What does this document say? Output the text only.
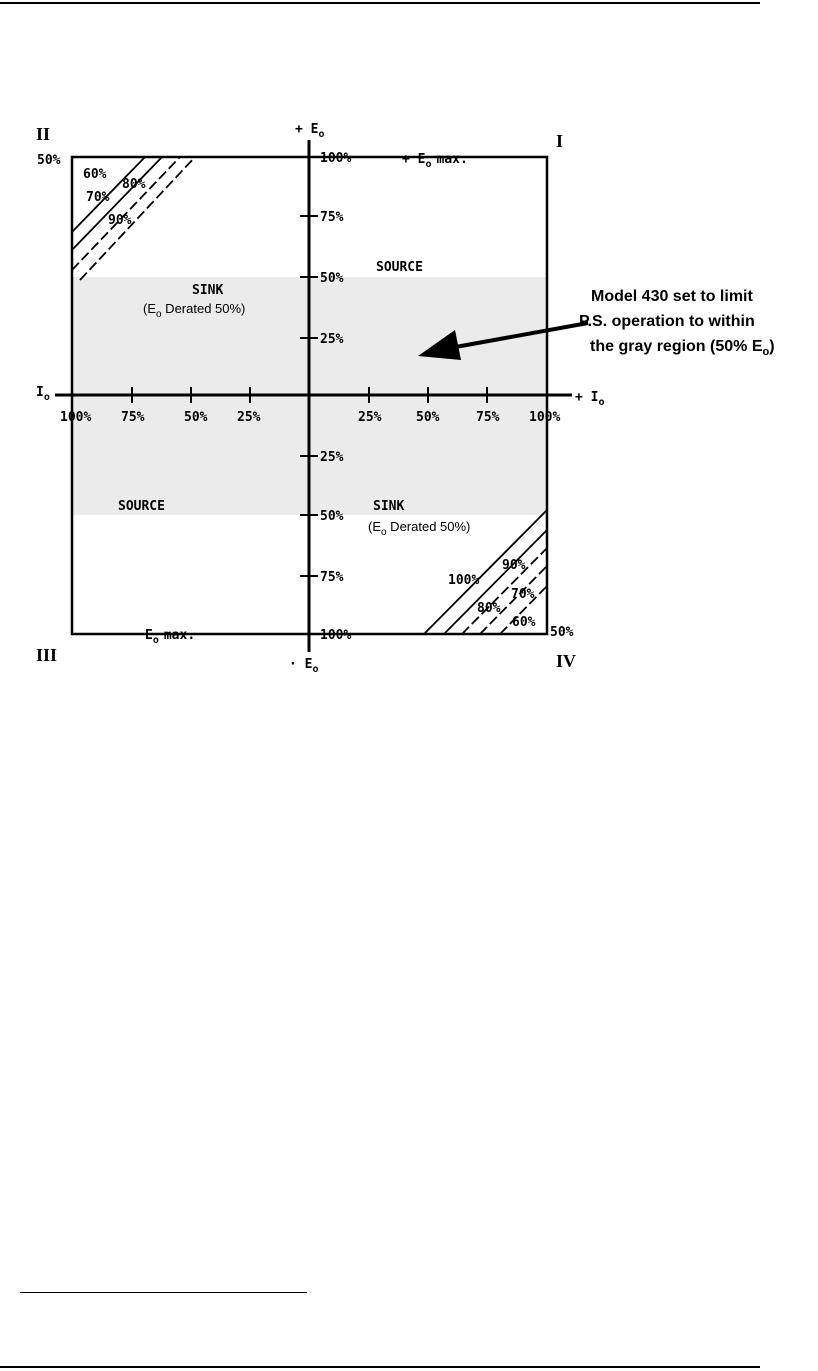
II	I
III	IV
50%
50%
+ $E_o$
· $E_o$
+ $I_o$
$I_o$
+ $E_o$ max.
$E_o$ max.
100%
75%
50%
25%
25%
50%
75%
100%
100% 75%	50% 25%	25%	50%	75% 100%
60%
70%
80%
90%
100%
90%
80%
70%
60%
SOURCE
SINK
($E_o$ Derated 50%)
SOURCE	SINK
($E_o$ Derated 50%)
Model 430 set to limit
P.S. operation to within
the gray region (50% $E_o$)
